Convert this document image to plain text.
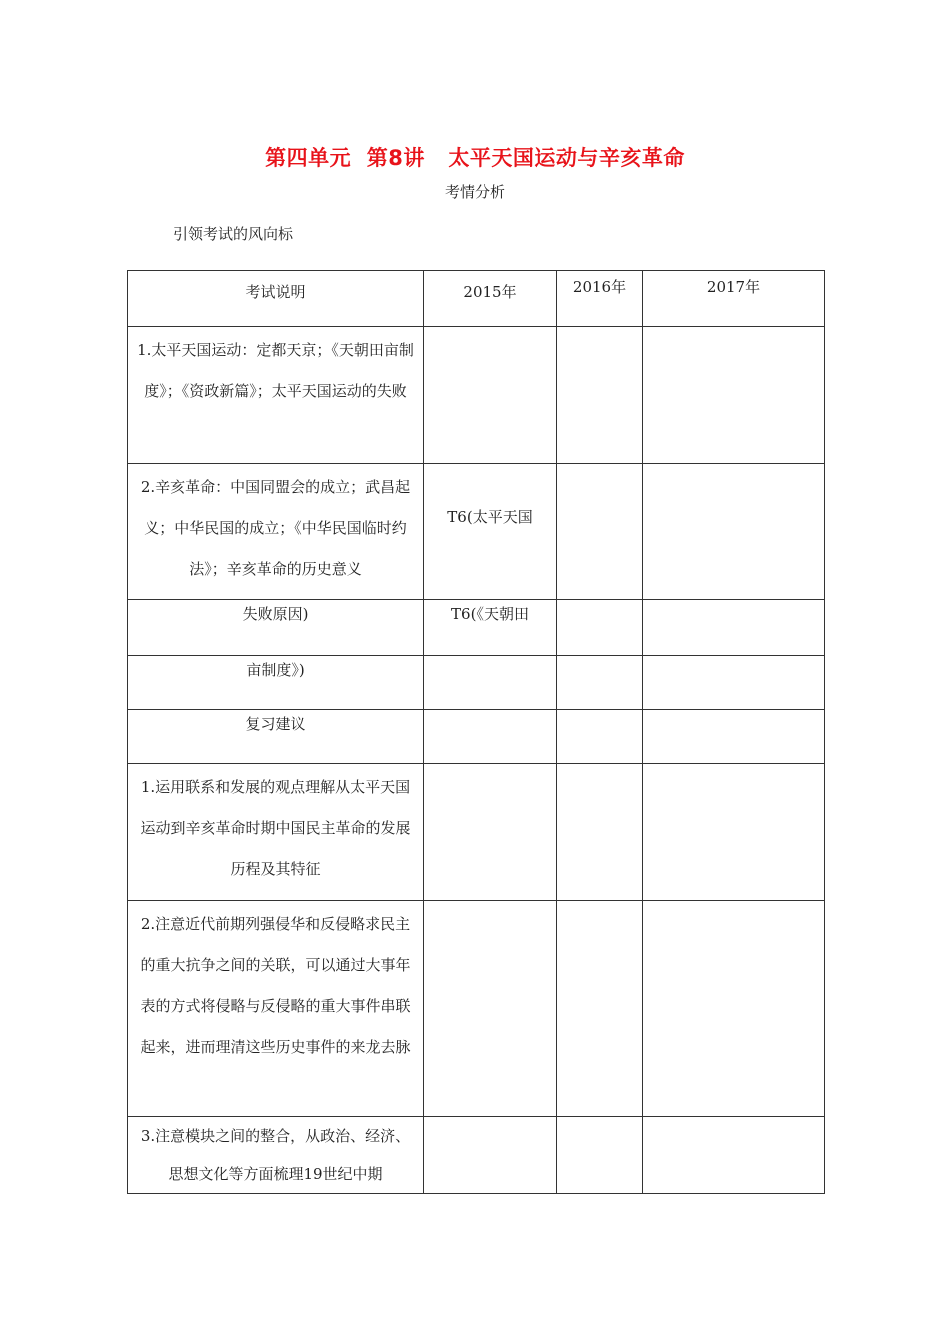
第四单元  第8讲   太平天国运动与辛亥革命
考情分析
引领考试的风向标
考试说明	2015年	2016年	2017年

1.太平天国运动：定都天京；《天朝田亩制度》；《资政新篇》；太平天国运动的失败			

2.辛亥革命：中国同盟会的成立；武昌起义；中华民国的成立；《中华民国临时约法》；辛亥革命的历史意义	T6(太平天国		

失败原因)	T6(《天朝田		

亩制度》)			

复习建议			

1.运用联系和发展的观点理解从太平天国运动到辛亥革命时期中国民主革命的发展历程及其特征			

2.注意近代前期列强侵华和反侵略求民主的重大抗争之间的关联，可以通过大事年表的方式将侵略与反侵略的重大事件串联起来，进而理清这些历史事件的来龙去脉			

3.注意模块之间的整合，从政治、经济、思想文化等方面梳理19世纪中期			
